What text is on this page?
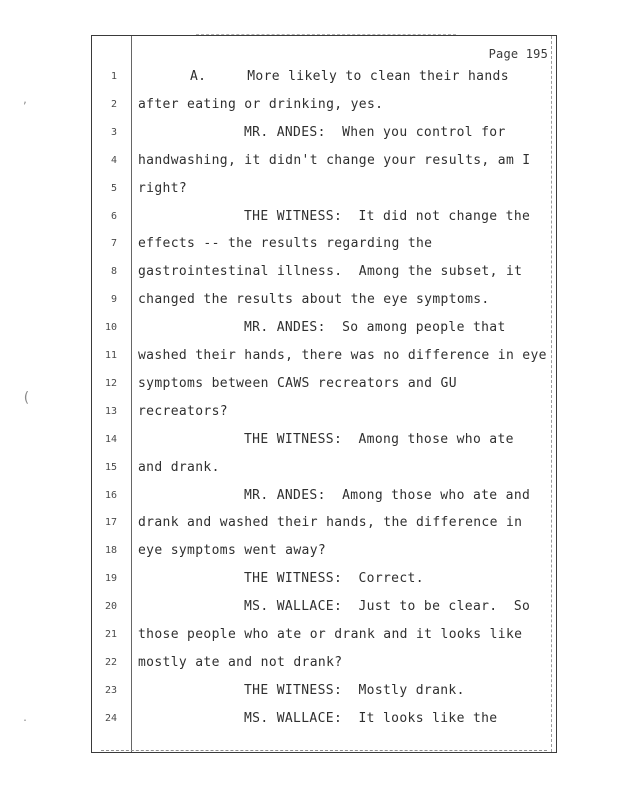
Page 195
1	A.     More likely to clean their hands
2 after eating or drinking, yes.
3	MR. ANDES:  When you control for
4 handwashing, it didn't change your results, am I
5 right?
6	THE WITNESS:  It did not change the
7 effects -- the results regarding the
8 gastrointestinal illness.  Among the subset, it
9 changed the results about the eye symptoms.
10	MR. ANDES:  So among people that
11 washed their hands, there was no difference in eye
12 symptoms between CAWS recreators and GU
13 recreators?
14	THE WITNESS:  Among those who ate
15 and drank.
16	MR. ANDES:  Among those who ate and
17 drank and washed their hands, the difference in
18 eye symptoms went away?
19	THE WITNESS:  Correct.
20	MS. WALLACE:  Just to be clear.  So
21 those people who ate or drank and it looks like
22 mostly ate and not drank?
23	THE WITNESS:  Mostly drank.
24	MS. WALLACE:  It looks like the
,
(
.
